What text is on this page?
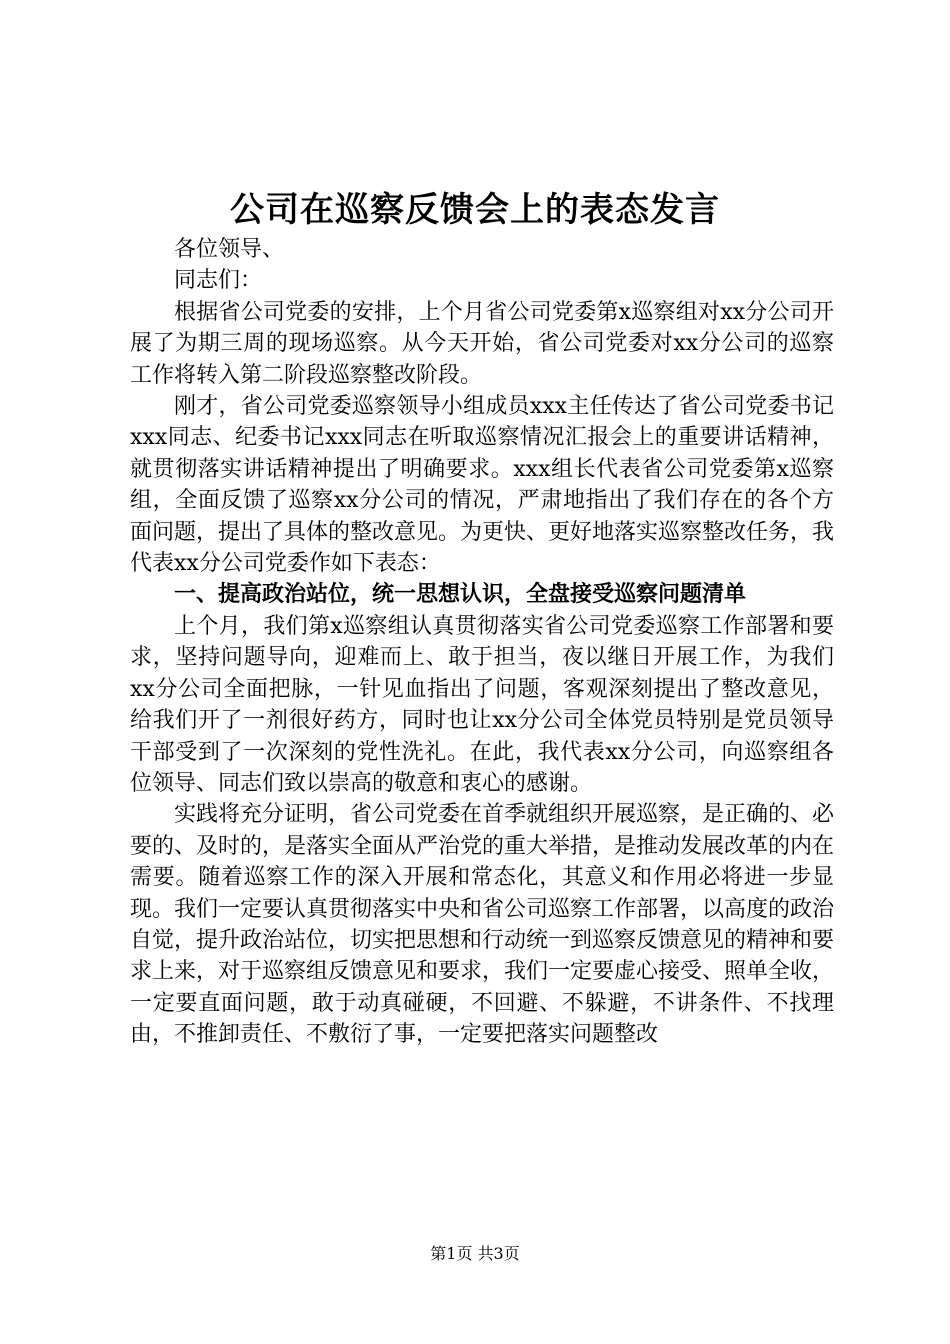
公司在巡察反馈会上的表态发言

各位领导、

同志们：

根据省公司党委的安排，上个月省公司党委第x巡察组对xx分公司开展了为期三周的现场巡察。从今天开始，省公司党委对xx分公司的巡察工作将转入第二阶段巡察整改阶段。

刚才，省公司党委巡察领导小组成员xxx主任传达了省公司党委书记xxx同志、纪委书记xxx同志在听取巡察情况汇报会上的重要讲话精神，就贯彻落实讲话精神提出了明确要求。xxx组长代表省公司党委第x巡察组，全面反馈了巡察xx分公司的情况，严肃地指出了我们存在的各个方面问题，提出了具体的整改意见。为更快、更好地落实巡察整改任务，我代表xx分公司党委作如下表态：

一、提高政治站位，统一思想认识，全盘接受巡察问题清单

上个月，我们第x巡察组认真贯彻落实省公司党委巡察工作部署和要求，坚持问题导向，迎难而上、敢于担当，夜以继日开展工作，为我们xx分公司全面把脉，一针见血指出了问题，客观深刻提出了整改意见，给我们开了一剂很好药方，同时也让xx分公司全体党员特别是党员领导干部受到了一次深刻的党性洗礼。在此，我代表xx分公司，向巡察组各位领导、同志们致以崇高的敬意和衷心的感谢。

实践将充分证明，省公司党委在首季就组织开展巡察，是正确的、必要的、及时的，是落实全面从严治党的重大举措，是推动发展改革的内在需要。随着巡察工作的深入开展和常态化，其意义和作用必将进一步显现。我们一定要认真贯彻落实中央和省公司巡察工作部署，以高度的政治自觉，提升政治站位，切实把思想和行动统一到巡察反馈意见的精神和要求上来，对于巡察组反馈意见和要求，我们一定要虚心接受、照单全收，一定要直面问题，敢于动真碰硬，不回避、不躲避，不讲条件、不找理由，不推卸责任、不敷衍了事，一定要把落实问题整改

第1页 共3页
